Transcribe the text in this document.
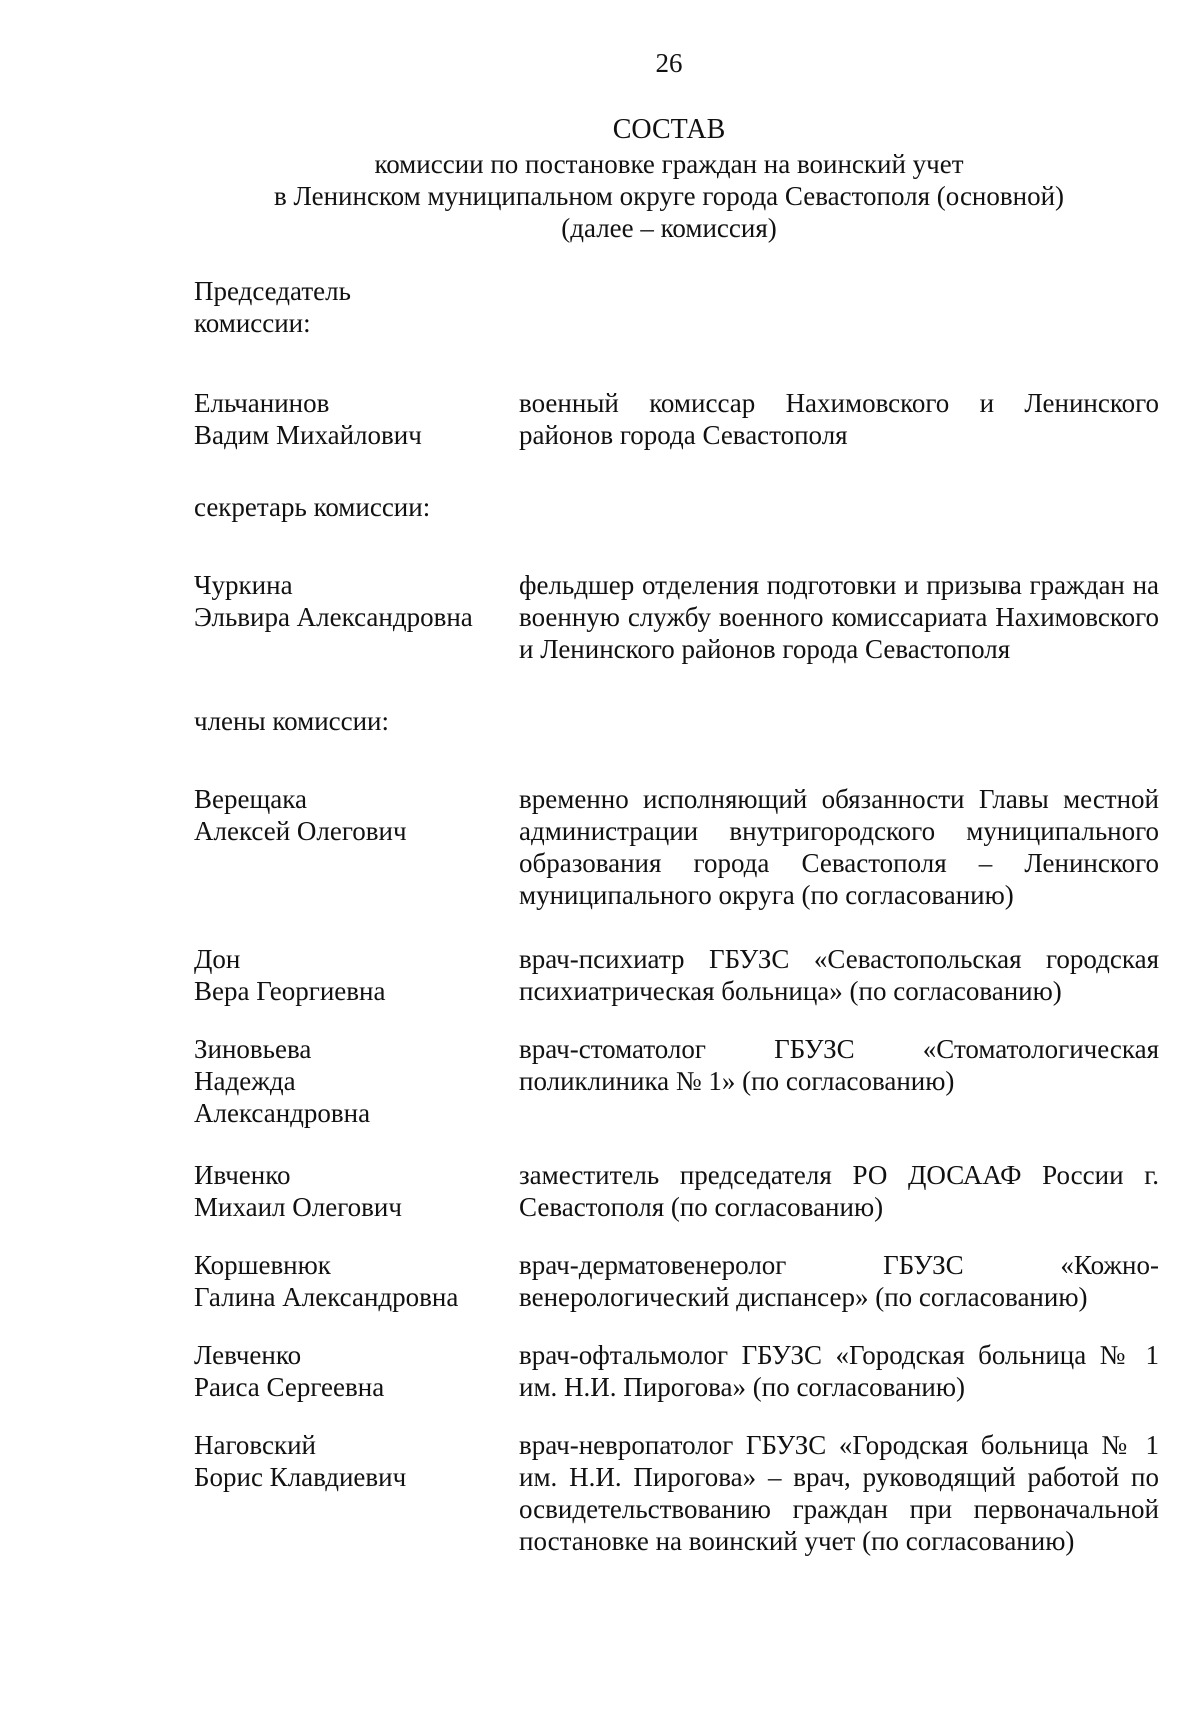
26
СОСТАВ
комиссии по постановке граждан на воинский учет
в Ленинском муниципальном округе города Севастополя (основной)
(далее – комиссия)
Председатель
комиссии:
Ельчанинов
Вадим Михайлович
военный комиссар Нахимовского и Ленинского районов города Севастополя
секретарь комиссии:
Чуркина
Эльвира Александровна
фельдшер отделения подготовки и призыва граждан на военную службу военного комиссариата Нахимовского и Ленинского районов города Севастополя
члены комиссии:
Верещака
Алексей Олегович
временно исполняющий обязанности Главы местной администрации внутригородского муниципального образования города Севастополя – Ленинского муниципального округа (по согласованию)
Дон
Вера Георгиевна
врач-психиатр ГБУЗС «Севастопольская городская психиатрическая больница» (по согласованию)
Зиновьева
Надежда
Александровна
врач-стоматолог ГБУЗС «Стоматологическая поликлиника № 1» (по согласованию)
Ивченко
Михаил Олегович
заместитель председателя РО ДОСААФ России г. Севастополя (по согласованию)
Коршевнюк
Галина Александровна
врач-дерматовенеролог ГБУЗС «Кожно-венерологический диспансер» (по согласованию)
Левченко
Раиса Сергеевна
врач-офтальмолог ГБУЗС «Городская больница № 1 им. Н.И. Пирогова» (по согласованию)
Наговский
Борис Клавдиевич
врач-невропатолог ГБУЗС «Городская больница № 1 им. Н.И. Пирогова» – врач, руководящий работой по освидетельствованию граждан при первоначальной постановке на воинский учет (по согласованию)
